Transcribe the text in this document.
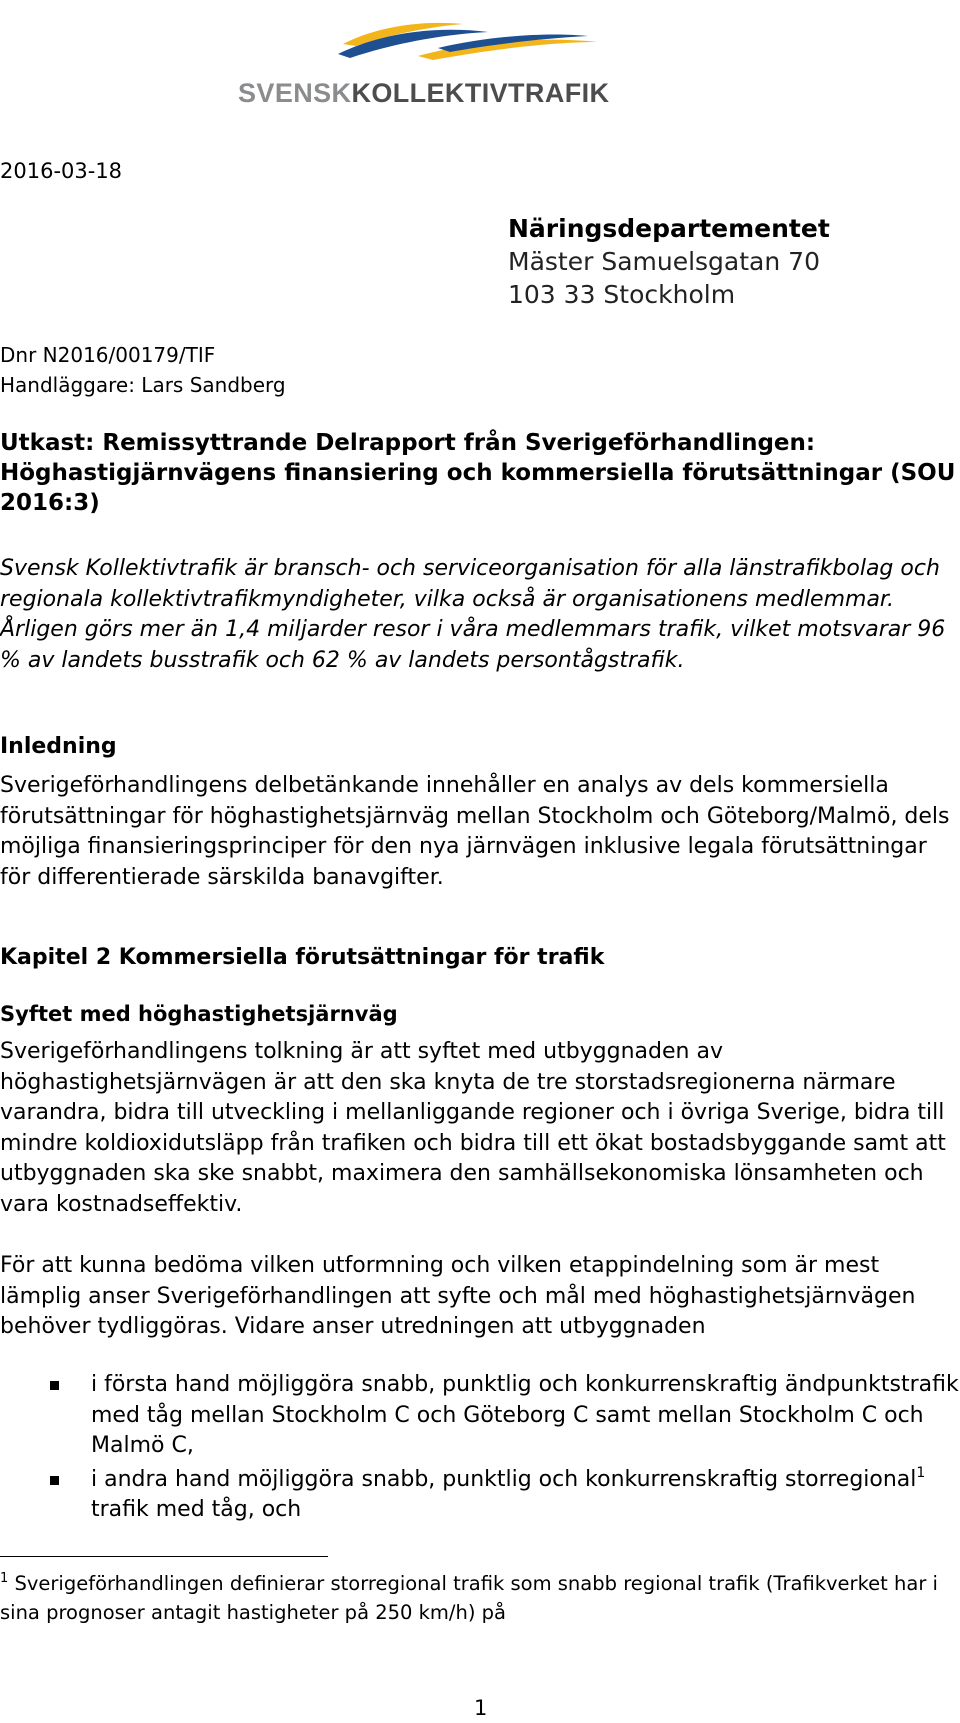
SVENSKKOLLEKTIVTRAFIK
2016-03-18
Näringsdepartementet
Mäster Samuelsgatan 70
103 33 Stockholm
Dnr N2016/00179/TIF
Handläggare: Lars Sandberg
Utkast: Remissyttrande Delrapport från Sverigeförhandlingen: Höghastigjärnvägens finansiering och kommersiella förutsättningar (SOU 2016:3)

Svensk Kollektivtrafik är bransch- och serviceorganisation för alla länstrafikbolag och regionala kollektivtrafikmyndigheter, vilka också är organisationens medlemmar. Årligen görs mer än 1,4 miljarder resor i våra medlemmars trafik, vilket motsvarar 96 % av landets busstrafik och 62 % av landets persontågstrafik.

Inledning

Sverigeförhandlingens delbetänkande innehåller en analys av dels kommersiella förutsättningar för höghastighetsjärnväg mellan Stockholm och Göteborg/Malmö, dels möjliga finansieringsprinciper för den nya järnvägen inklusive legala förutsättningar för differentierade särskilda banavgifter.

Kapitel 2 Kommersiella förutsättningar för trafik
Syftet med höghastighetsjärnväg

Sverigeförhandlingens tolkning är att syftet med utbyggnaden av höghastighetsjärnvägen är att den ska knyta de tre storstadsregionerna närmare varandra, bidra till utveckling i mellanliggande regioner och i övriga Sverige, bidra till mindre koldioxidutsläpp från trafiken och bidra till ett ökat bostadsbyggande samt att utbyggnaden ska ske snabbt, maximera den samhällsekonomiska lönsamheten och vara kostnadseffektiv.

För att kunna bedöma vilken utformning och vilken etappindelning som är mest lämplig anser Sverigeförhandlingen att syfte och mål med höghastighetsjärnvägen behöver tydliggöras. Vidare anser utredningen att utbyggnaden

i första hand möjliggöra snabb, punktlig och konkurrenskraftig ändpunktstrafik med tåg mellan Stockholm C och Göteborg C samt mellan Stockholm C och Malmö C,
i andra hand möjliggöra snabb, punktlig och konkurrenskraftig storregional$^1$ trafik med tåg, och
$^1$ Sverigeförhandlingen definierar storregional trafik som snabb regional trafik (Trafikverket har i sina prognoser antagit hastigheter på 250 km/h) på
1
